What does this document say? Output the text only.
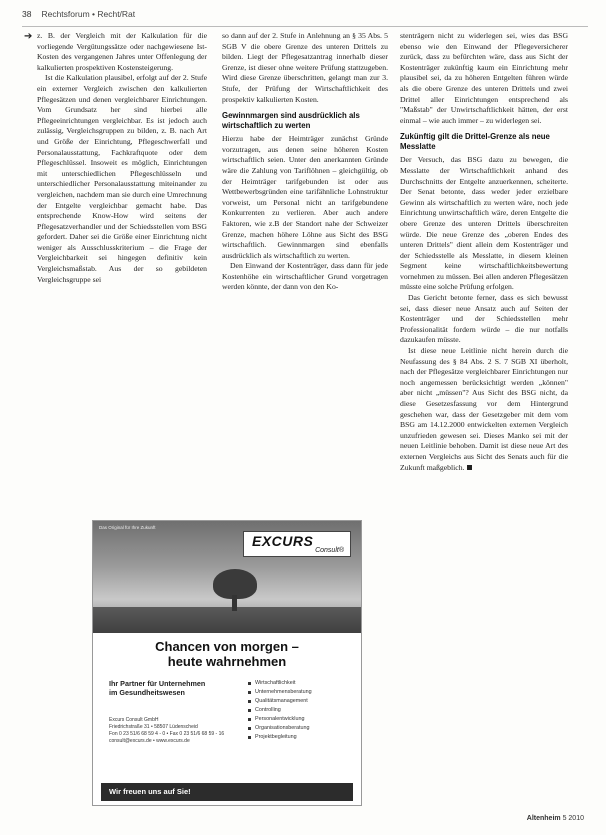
38 Rechtsforum • Recht/Rat
➔ z. B. der Vergleich mit der Kalkulation für die vorliegende Vergütungssätze oder nachgewiesene Ist-Kosten des vergangenen Jahres unter Offenlegung der kalkulierten prospektiven Kostensteigerung.

Ist die Kalkulation plausibel, erfolgt auf der 2. Stufe ein externer Vergleich zwischen den kalkulierten Pflegesätzen und denen vergleichbarer Einrichtungen. Vom Grundsatz her sind hierbei alle Pflegeeinrichtungen vergleichbar. Es ist jedoch auch zulässig, Vergleichsgruppen zu bilden, z. B. nach Art und Größe der Einrichtung, Pflegeschwerfall und Personalausstattung, Fachkraftquote oder dem Pflegeschlüssel. Insoweit es möglich, Einrichtungen mit unterschiedlichen Pflegeschlüsseln und unterschiedlicher Personalausstattung miteinander zu vergleichen, nachdem man sie durch eine Umrechnung der Entgelte vergleichbar gemacht habe. Das entsprechende Know-How wird seitens der Pflegesatzverhandler und der Schiedsstellen vom BSG gefordert. Daher sei die Größe einer Einrichtung nicht weniger als Ausschlusskriterium – die Frage der Vergleichbarkeit sei hingegen definitiv kein Vergleichsmaßstab. Aus der so gebildeten Vergleichsgruppe sei

so dann auf der 2. Stufe in Anlehnung an § 35 Abs. 5 SGB V die obere Grenze des unteren Drittels zu bilden. Liegt der Pflegesatzantrag innerhalb dieser Grenze, ist dieser ohne weitere Prüfung stattzugeben. Wird diese Grenze überschritten, gelangt man zur 3. Stufe, der Prüfung der Wirtschaftlichkeit des prospektiv kalkulierten Kosten.

Gewinnmargen sind ausdrücklich als wirtschaftlich zu werten

Hierzu habe der Heimträger zunächst Gründe vorzutragen, aus denen seine höheren Kosten wirtschaftlich seien. Unter den anerkannten Gründe wäre die Zahlung von Tariflöhnen – gleichgültig, ob der Heimträger tarifgebunden ist oder aus Wettbewerbsgründen eine tarifähnliche Lohnstruktur vorweist, um Personal nicht an tarifgebundene Konkurrenten zu verlieren. Aber auch andere Faktoren, wie z.B der Standort nahe der Schweizer Grenze, machen höhere Löhne aus Sicht des BSG wirtschaftlich. Gewinnmargen sind ebenfalls ausdrücklich als wirtschaftlich zu werten.

Den Einwand der Kostenträger, dass dann für jede Kostenhöhe ein wirtschaftlicher Grund vorgetragen werden könnte, der dann von den Ko-

stenträgern nicht zu widerlegen sei, wies das BSG ebenso wie den Einwand der Pflegeversicherer zurück, dass zu befürchten wäre, dass aus Sicht der Kostenträger zukünftig kaum ein Einrichtung mehr plausibel sei, da zu höheren Entgelten führen würde als die obere Grenze des unteren Drittels und zwei Drittel aller Einrichtungen entsprechend als "Maßstab" der Unwirtschaftlichkeit hätten, der erst einmal – wie auch immer – zu widerlegen sei.

Zukünftig gilt die Drittel-Grenze als neue Messlatte

Der Versuch, das BSG dazu zu bewegen, die Messlatte der Wirtschaftlichkeit anhand des Durchschnitts der Entgelte anzuerkennen, scheiterte. Der Senat betonte, dass weder jeder erzielbare Gewinn als wirtschaftlich zu werten wäre, noch jede Einrichtung unwirtschaftlich wäre, deren Entgelte die obere Grenze des unteren Drittels überschreiten würde. Die neue Grenze des „oberen Endes des unteren Drittels" dient allein dem Kostenträger und der Schiedsstelle als Messlatte, in diesem kleinen Segment keine wirtschaftlichkeitsbewertung vornehmen zu müssen. Bei allen anderen Pflegesätzen müsste eine solche Prüfung erfolgen.

Das Gericht betonte ferner, dass es sich bewusst sei, dass dieser neue Ansatz auch auf Seiten der Kostenträger und der Schiedsstellen mehr Professionalität fordern würde – die nur notfalls dazukaufen müsste.

Ist diese neue Leitlinie nicht herein durch die Neufassung des § 84 Abs. 2 S. 7 SGB XI überholt, nach der Pflegesätze vergleichbarer Einrichtungen nur noch angemessen berücksichtigt werden „können" aber nicht „müssen"? Aus Sicht des BSG nicht, da diese Gesetzesfassung vor dem Hintergrund geschehen war, dass der Gesetzgeber mit dem vom BSG am 14.12.2000 entwickelten externen Vergleich unzufrieden gewesen sei. Dieses Manko sei mit der neuen Leitlinie behoben. Damit ist diese neue Art des externen Vergleichs aus Sicht des Senats auch für die Zukunft maßgeblich.

Das Original für Ihre Zukunft
EXCURS
Consult®
Chancen von morgen –
heute wahrnehmen
Ihr Partner für Unternehmen
im Gesundheitswesen
Excurs Consult GmbH
Friedrichstraße 31 • 58507 Lüdenscheid
Fon 0 23 51/6 68 59 4 - 0 • Fax 0 23 51/6 68 59 - 16
consult@excurs.de • www.excurs.de
Wirtschaftlichkeit
Unternehmensberatung
Qualitätsmanagement
Controlling
Personalentwicklung
Organisationsberatung
Projektbegleitung
Wir freuen uns auf Sie!
Altenheim 5 2010
